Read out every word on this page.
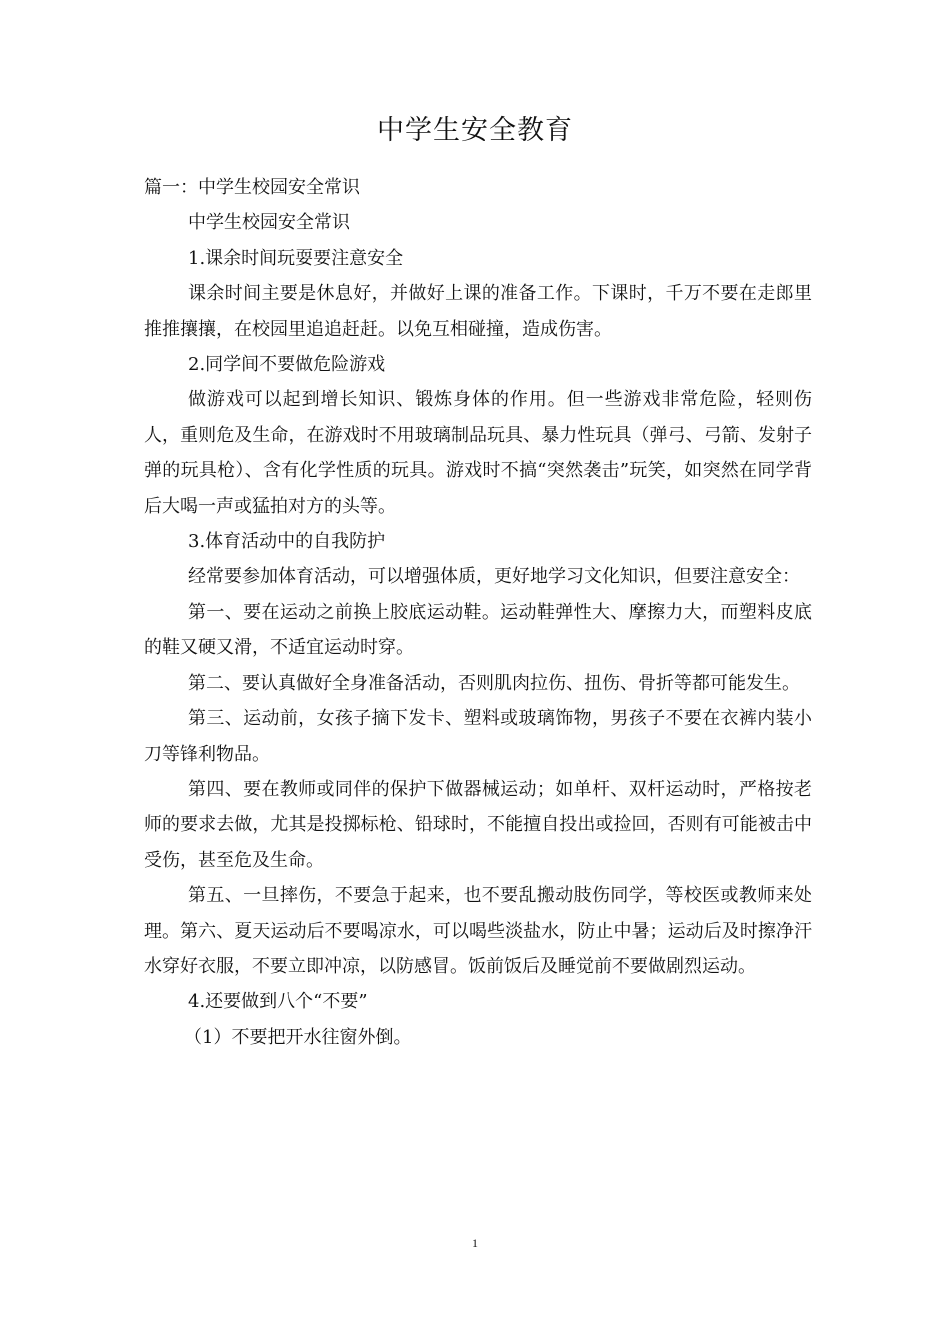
中学生安全教育

篇一：中学生校园安全常识

中学生校园安全常识

1.课余时间玩耍要注意安全

课余时间主要是休息好，并做好上课的准备工作。下课时，千万不要在走郎里推推攘攘，在校园里追追赶赶。以免互相碰撞，造成伤害。

2.同学间不要做危险游戏

做游戏可以起到增长知识、锻炼身体的作用。但一些游戏非常危险，轻则伤人，重则危及生命，在游戏时不用玻璃制品玩具、暴力性玩具（弹弓、弓箭、发射子弹的玩具枪）、含有化学性质的玩具。游戏时不搞“突然袭击”玩笑，如突然在同学背后大喝一声或猛拍对方的头等。

3.体育活动中的自我防护

经常要参加体育活动，可以增强体质，更好地学习文化知识，但要注意安全：

第一、要在运动之前换上胶底运动鞋。运动鞋弹性大、摩擦力大，而塑料皮底的鞋又硬又滑，不适宜运动时穿。

第二、要认真做好全身准备活动，否则肌肉拉伤、扭伤、骨折等都可能发生。

第三、运动前，女孩子摘下发卡、塑料或玻璃饰物，男孩子不要在衣裤内装小刀等锋利物品。

第四、要在教师或同伴的保护下做器械运动；如单杆、双杆运动时，严格按老师的要求去做，尤其是投掷标枪、铅球时，不能擅自投出或捡回，否则有可能被击中受伤，甚至危及生命。

第五、一旦摔伤，不要急于起来，也不要乱搬动肢伤同学，等校医或教师来处理。第六、夏天运动后不要喝凉水，可以喝些淡盐水，防止中暑；运动后及时擦净汗水穿好衣服，不要立即冲凉，以防感冒。饭前饭后及睡觉前不要做剧烈运动。

4.还要做到八个“不要”

（1）不要把开水往窗外倒。

1
